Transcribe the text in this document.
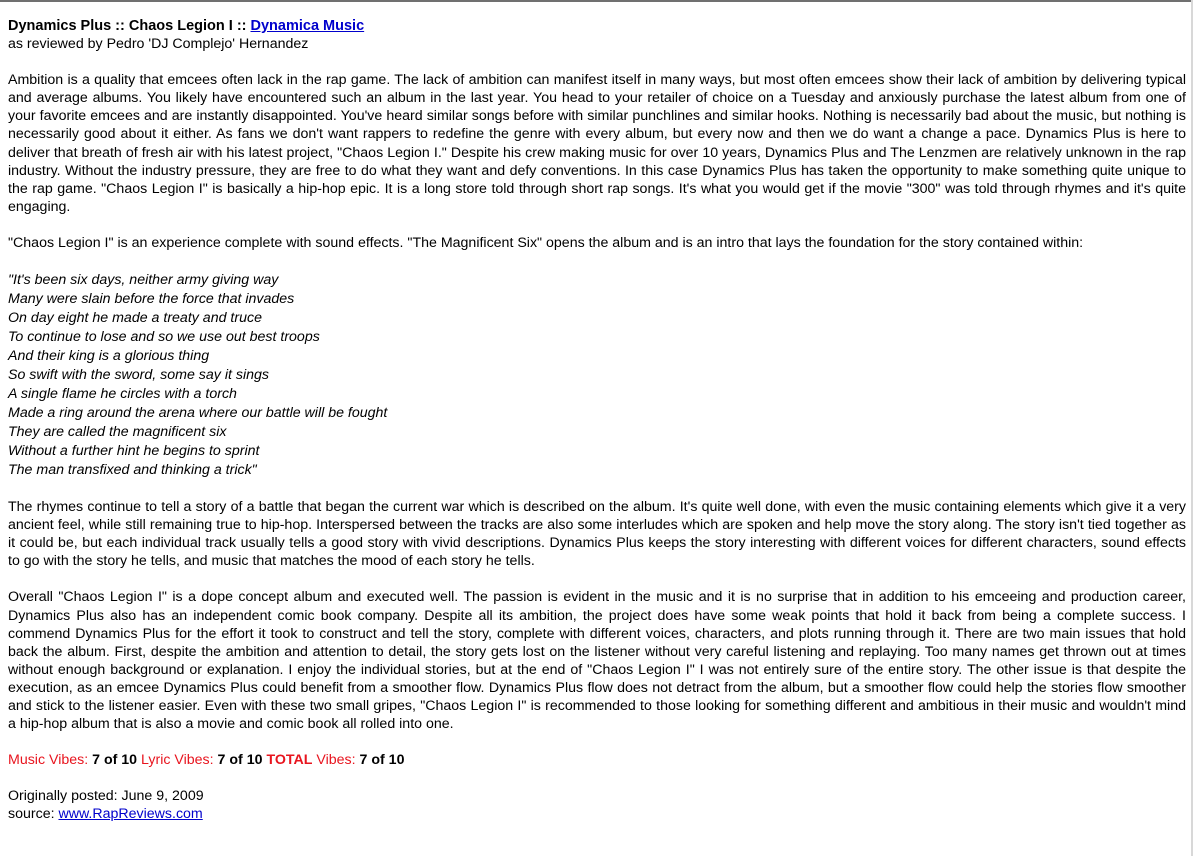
Dynamics Plus :: Chaos Legion I :: Dynamica Music
as reviewed by Pedro 'DJ Complejo' Hernandez

Ambition is a quality that emcees often lack in the rap game. The lack of ambition can manifest itself in many ways, but most often emcees show their lack of ambition by delivering typical and average albums. You likely have encountered such an album in the last year. You head to your retailer of choice on a Tuesday and anxiously purchase the latest album from one of your favorite emcees and are instantly disappointed. You've heard similar songs before with similar punchlines and similar hooks. Nothing is necessarily bad about the music, but nothing is necessarily good about it either. As fans we don't want rappers to redefine the genre with every album, but every now and then we do want a change a pace. Dynamics Plus is here to deliver that breath of fresh air with his latest project, "Chaos Legion I." Despite his crew making music for over 10 years, Dynamics Plus and The Lenzmen are relatively unknown in the rap industry. Without the industry pressure, they are free to do what they want and defy conventions. In this case Dynamics Plus has taken the opportunity to make something quite unique to the rap game. "Chaos Legion I" is basically a hip-hop epic. It is a long store told through short rap songs. It's what you would get if the movie "300" was told through rhymes and it's quite engaging.

"Chaos Legion I" is an experience complete with sound effects. "The Magnificent Six" opens the album and is an intro that lays the foundation for the story contained within:

"It's been six days, neither army giving way
Many were slain before the force that invades
On day eight he made a treaty and truce
To continue to lose and so we use out best troops
And their king is a glorious thing
So swift with the sword, some say it sings
A single flame he circles with a torch
Made a ring around the arena where our battle will be fought
They are called the magnificent six
Without a further hint he begins to sprint
The man transfixed and thinking a trick"

The rhymes continue to tell a story of a battle that began the current war which is described on the album. It's quite well done, with even the music containing elements which give it a very ancient feel, while still remaining true to hip-hop. Interspersed between the tracks are also some interludes which are spoken and help move the story along. The story isn't tied together as it could be, but each individual track usually tells a good story with vivid descriptions. Dynamics Plus keeps the story interesting with different voices for different characters, sound effects to go with the story he tells, and music that matches the mood of each story he tells.

Overall "Chaos Legion I" is a dope concept album and executed well. The passion is evident in the music and it is no surprise that in addition to his emceeing and production career, Dynamics Plus also has an independent comic book company. Despite all its ambition, the project does have some weak points that hold it back from being a complete success. I commend Dynamics Plus for the effort it took to construct and tell the story, complete with different voices, characters, and plots running through it. There are two main issues that hold back the album. First, despite the ambition and attention to detail, the story gets lost on the listener without very careful listening and replaying. Too many names get thrown out at times without enough background or explanation. I enjoy the individual stories, but at the end of "Chaos Legion I" I was not entirely sure of the entire story. The other issue is that despite the execution, as an emcee Dynamics Plus could benefit from a smoother flow. Dynamics Plus flow does not detract from the album, but a smoother flow could help the stories flow smoother and stick to the listener easier. Even with these two small gripes, "Chaos Legion I" is recommended to those looking for something different and ambitious in their music and wouldn't mind a hip-hop album that is also a movie and comic book all rolled into one.

Music Vibes: 7 of 10 Lyric Vibes: 7 of 10 TOTAL Vibes: 7 of 10
Originally posted: June 9, 2009
source: www.RapReviews.com
